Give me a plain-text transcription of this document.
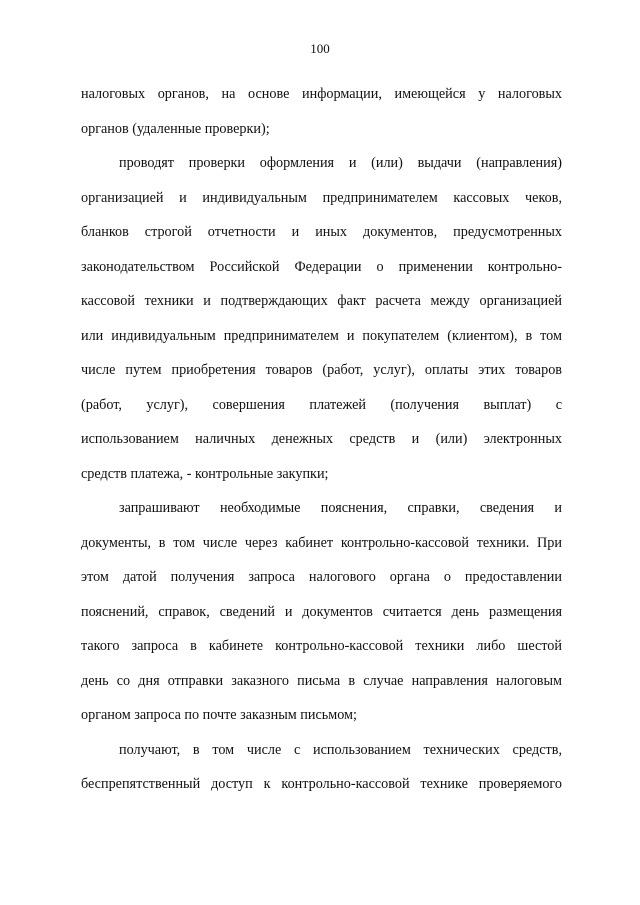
100
налоговых органов, на основе информации, имеющейся у налоговых
органов (удаленные проверки);
проводят проверки оформления и (или) выдачи (направления)
организацией и индивидуальным предпринимателем кассовых чеков,
бланков строгой отчетности и иных документов, предусмотренных
законодательством Российской Федерации о применении контрольно-
кассовой техники и подтверждающих факт расчета между организацией
или индивидуальным предпринимателем и покупателем (клиентом), в том
числе путем приобретения товаров (работ, услуг), оплаты этих товаров
(работ, услуг), совершения платежей (получения выплат) с
использованием наличных денежных средств и (или) электронных
средств платежа, - контрольные закупки;
запрашивают необходимые пояснения, справки, сведения и
документы, в том числе через кабинет контрольно-кассовой техники. При
этом датой получения запроса налогового органа о предоставлении
пояснений, справок, сведений и документов считается день размещения
такого запроса в кабинете контрольно-кассовой техники либо шестой
день со дня отправки заказного письма в случае направления налоговым
органом запроса по почте заказным письмом;
получают, в том числе с использованием технических средств,
беспрепятственный доступ к контрольно-кассовой технике проверяемого
